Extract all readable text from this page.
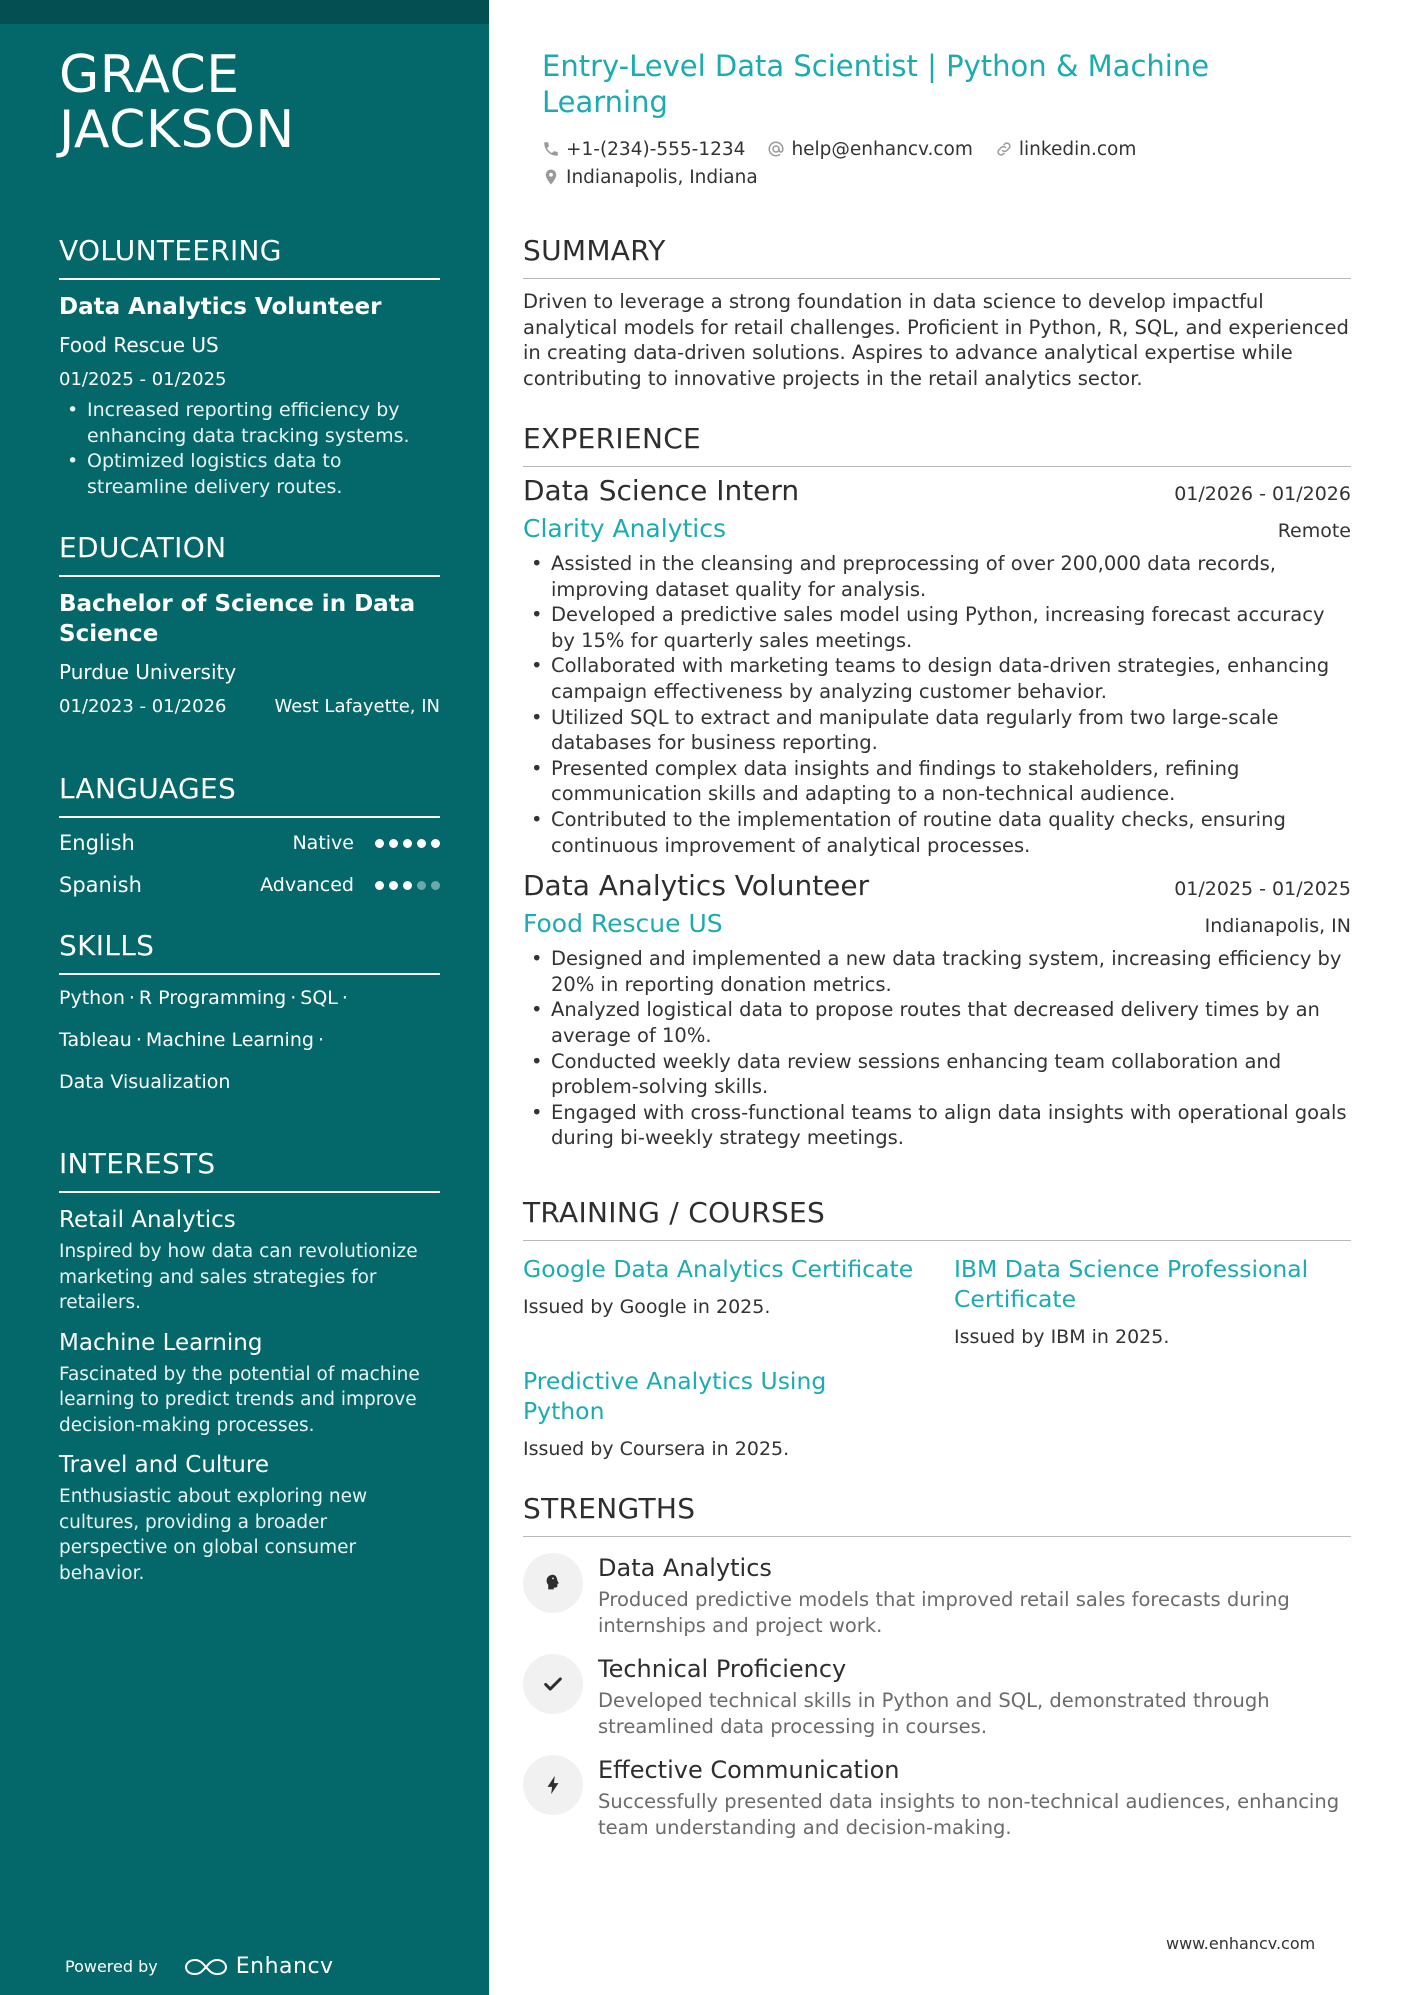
GRACE
JACKSON
VOLUNTEERING
Data Analytics Volunteer
Food Rescue US
01/2025 - 01/2025
• Increased reporting efficiency by enhancing data tracking systems.
• Optimized logistics data to streamline delivery routes.
EDUCATION
Bachelor of Science in Data Science
Purdue University
01/2023 - 01/2026	West Lafayette, IN
LANGUAGES
English	Native
Spanish	Advanced
SKILLS
Python · R Programming · SQL ·
Tableau · Machine Learning ·
Data Visualization
INTERESTS
Retail Analytics
Inspired by how data can revolutionize marketing and sales strategies for retailers.
Machine Learning
Fascinated by the potential of machine learning to predict trends and improve decision-making processes.
Travel and Culture
Enthusiastic about exploring new cultures, providing a broader perspective on global consumer behavior.
Powered by	Enhancv
Entry-Level Data Scientist | Python & Machine Learning
+1-(234)-555-1234 help@enhancv.com linkedin.com
Indianapolis, Indiana
SUMMARY
Driven to leverage a strong foundation in data science to develop impactful analytical models for retail challenges. Proficient in Python, R, SQL, and experienced in creating data-driven solutions. Aspires to advance analytical expertise while contributing to innovative projects in the retail analytics sector.
EXPERIENCE
Data Science Intern	01/2026 - 01/2026
Clarity Analytics	Remote
• Assisted in the cleansing and preprocessing of over 200,000 data records, improving dataset quality for analysis.
• Developed a predictive sales model using Python, increasing forecast accuracy by 15% for quarterly sales meetings.
• Collaborated with marketing teams to design data-driven strategies, enhancing campaign effectiveness by analyzing customer behavior.
• Utilized SQL to extract and manipulate data regularly from two large-scale databases for business reporting.
• Presented complex data insights and findings to stakeholders, refining communication skills and adapting to a non-technical audience.
• Contributed to the implementation of routine data quality checks, ensuring continuous improvement of analytical processes.
Data Analytics Volunteer	01/2025 - 01/2025
Food Rescue US	Indianapolis, IN
• Designed and implemented a new data tracking system, increasing efficiency by 20% in reporting donation metrics.
• Analyzed logistical data to propose routes that decreased delivery times by an average of 10%.
• Conducted weekly data review sessions enhancing team collaboration and problem-solving skills.
• Engaged with cross-functional teams to align data insights with operational goals during bi-weekly strategy meetings.
TRAINING / COURSES
Google Data Analytics Certificate
Issued by Google in 2025.
IBM Data Science Professional Certificate
Issued by IBM in 2025.
Predictive Analytics Using Python
Issued by Coursera in 2025.
STRENGTHS
Data Analytics
Produced predictive models that improved retail sales forecasts during internships and project work.
Technical Proficiency
Developed technical skills in Python and SQL, demonstrated through streamlined data processing in courses.
Effective Communication
Successfully presented data insights to non-technical audiences, enhancing team understanding and decision-making.
www.enhancv.com
